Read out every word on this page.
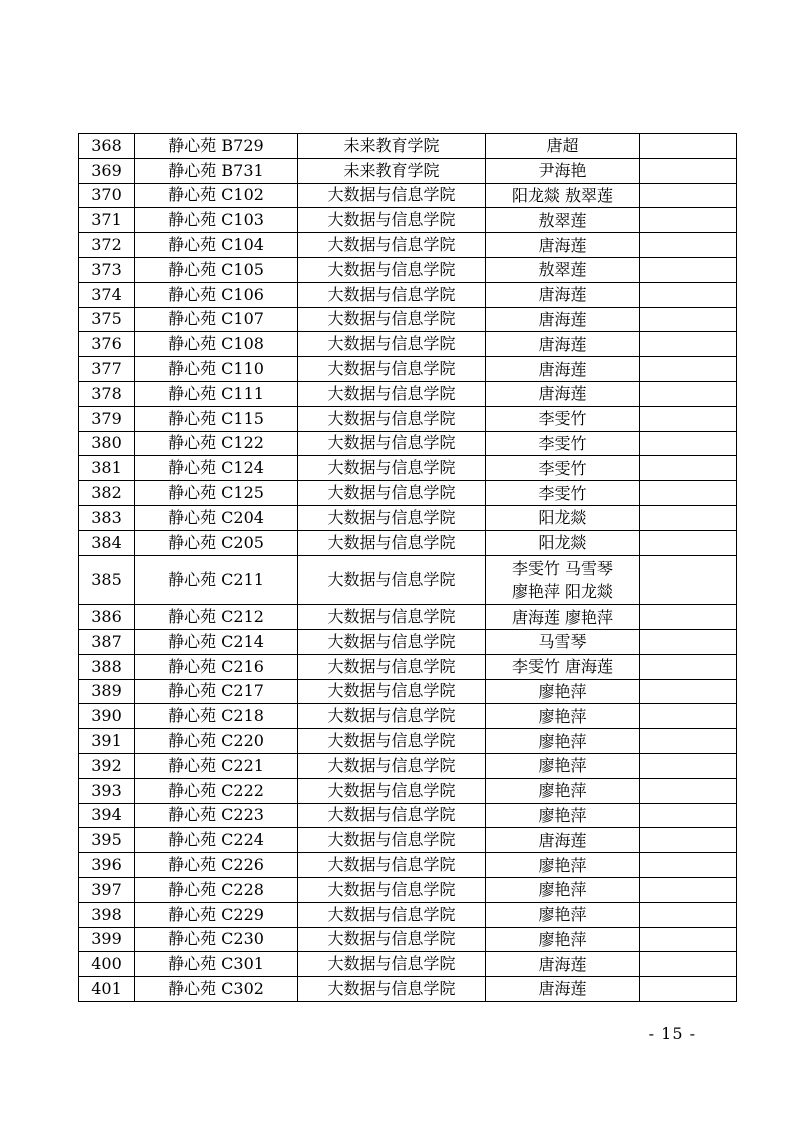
368	静心苑 B729	未来教育学院	唐超	

369	静心苑 B731	未来教育学院	尹海艳	

370	静心苑 C102	大数据与信息学院	阳龙燚 敖翠莲	

371	静心苑 C103	大数据与信息学院	敖翠莲	

372	静心苑 C104	大数据与信息学院	唐海莲	

373	静心苑 C105	大数据与信息学院	敖翠莲	

374	静心苑 C106	大数据与信息学院	唐海莲	

375	静心苑 C107	大数据与信息学院	唐海莲	

376	静心苑 C108	大数据与信息学院	唐海莲	

377	静心苑 C110	大数据与信息学院	唐海莲	

378	静心苑 C111	大数据与信息学院	唐海莲	

379	静心苑 C115	大数据与信息学院	李雯竹	

380	静心苑 C122	大数据与信息学院	李雯竹	

381	静心苑 C124	大数据与信息学院	李雯竹	

382	静心苑 C125	大数据与信息学院	李雯竹	

383	静心苑 C204	大数据与信息学院	阳龙燚	

384	静心苑 C205	大数据与信息学院	阳龙燚	

385	静心苑 C211	大数据与信息学院	李雯竹 马雪琴
廖艳萍 阳龙燚	

386	静心苑 C212	大数据与信息学院	唐海莲 廖艳萍	

387	静心苑 C214	大数据与信息学院	马雪琴	

388	静心苑 C216	大数据与信息学院	李雯竹 唐海莲	

389	静心苑 C217	大数据与信息学院	廖艳萍	

390	静心苑 C218	大数据与信息学院	廖艳萍	

391	静心苑 C220	大数据与信息学院	廖艳萍	

392	静心苑 C221	大数据与信息学院	廖艳萍	

393	静心苑 C222	大数据与信息学院	廖艳萍	

394	静心苑 C223	大数据与信息学院	廖艳萍	

395	静心苑 C224	大数据与信息学院	唐海莲	

396	静心苑 C226	大数据与信息学院	廖艳萍	

397	静心苑 C228	大数据与信息学院	廖艳萍	

398	静心苑 C229	大数据与信息学院	廖艳萍	

399	静心苑 C230	大数据与信息学院	廖艳萍	

400	静心苑 C301	大数据与信息学院	唐海莲	

401	静心苑 C302	大数据与信息学院	唐海莲	

- 15 -
